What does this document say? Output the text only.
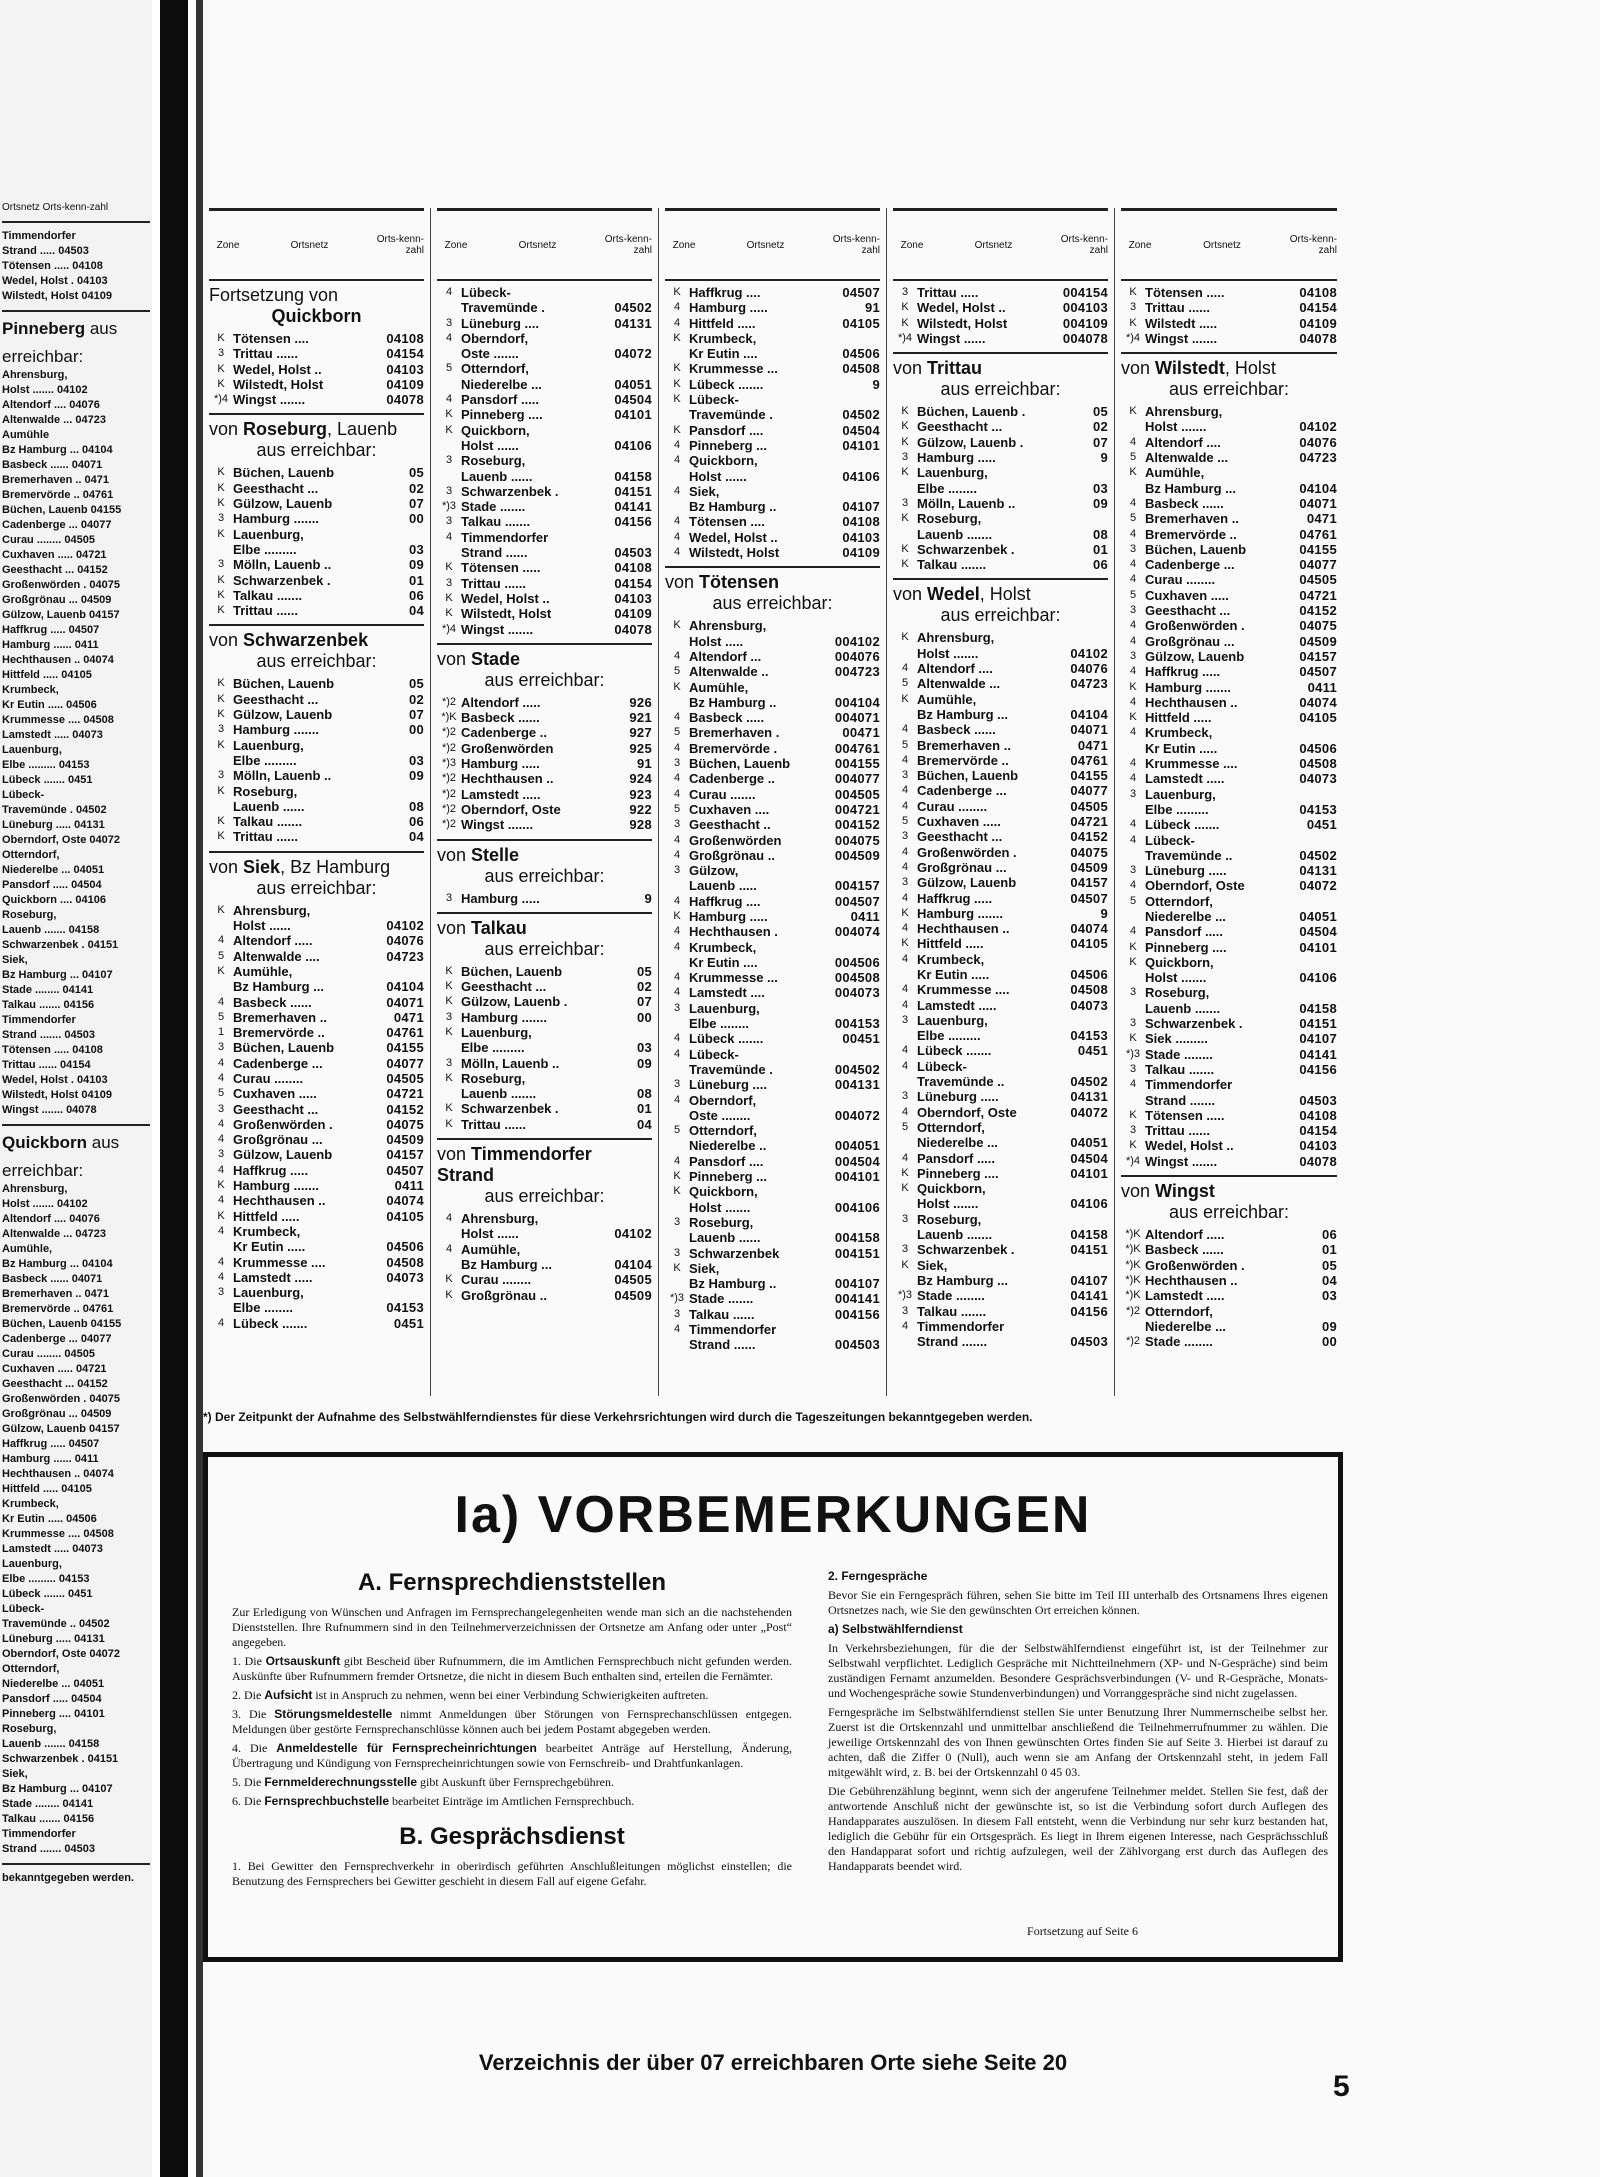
Ortsnetz Orts-kenn-zahl
Timmendorfer
Strand ..... 04503
Tötensen ..... 04108
Wedel, Holst . 04103
Wilstedt, Holst 04109
Pinneberg aus
erreichbar:
Ahrensburg,
Holst ....... 04102
Altendorf .... 04076
Altenwalde ... 04723
Aumühle
Bz Hamburg ... 04104
Basbeck ...... 04071
Bremerhaven .. 0471
Bremervörde .. 04761
Büchen, Lauenb 04155
Cadenberge ... 04077
Curau ........ 04505
Cuxhaven ..... 04721
Geesthacht ... 04152
Großenwörden . 04075
Großgrönau ... 04509
Gülzow, Lauenb 04157
Haffkrug ..... 04507
Hamburg ...... 0411
Hechthausen .. 04074
Hittfeld ..... 04105
Krumbeck,
Kr Eutin ..... 04506
Krummesse .... 04508
Lamstedt ..... 04073
Lauenburg,
Elbe ......... 04153
Lübeck ....... 0451
Lübeck-
Travemünde . 04502
Lüneburg ..... 04131
Oberndorf, Oste 04072
Otterndorf,
Niederelbe ... 04051
Pansdorf ..... 04504
Quickborn .... 04106
Roseburg,
Lauenb ....... 04158
Schwarzenbek . 04151
Siek,
Bz Hamburg ... 04107
Stade ........ 04141
Talkau ....... 04156
Timmendorfer
Strand ....... 04503
Tötensen ..... 04108
Trittau ...... 04154
Wedel, Holst . 04103
Wilstedt, Holst 04109
Wingst ....... 04078
Quickborn aus
erreichbar:
Ahrensburg,
Holst ....... 04102
Altendorf .... 04076
Altenwalde ... 04723
Aumühle,
Bz Hamburg ... 04104
Basbeck ...... 04071
Bremerhaven .. 0471
Bremervörde .. 04761
Büchen, Lauenb 04155
Cadenberge ... 04077
Curau ........ 04505
Cuxhaven ..... 04721
Geesthacht ... 04152
Großenwörden . 04075
Großgrönau ... 04509
Gülzow, Lauenb 04157
Haffkrug ..... 04507
Hamburg ...... 0411
Hechthausen .. 04074
Hittfeld ..... 04105
Krumbeck,
Kr Eutin ..... 04506
Krummesse .... 04508
Lamstedt ..... 04073
Lauenburg,
Elbe ......... 04153
Lübeck ....... 0451
Lübeck-
Travemünde .. 04502
Lüneburg ..... 04131
Oberndorf, Oste 04072
Otterndorf,
Niederelbe ... 04051
Pansdorf ..... 04504
Pinneberg .... 04101
Roseburg,
Lauenb ....... 04158
Schwarzenbek . 04151
Siek,
Bz Hamburg ... 04107
Stade ........ 04141
Talkau ....... 04156
Timmendorfer
Strand ....... 04503
bekanntgegeben werden.
Zone	Ortsnetz	Orts-kenn-zahl
Fortsetzung von
Quickborn
K Tötensen ....	04108
3 Trittau ......	04154
K Wedel, Holst ..	04103
K Wilstedt, Holst	04109
*)4 Wingst .......	04078
von Roseburg, Lauenb
aus erreichbar:
K Büchen, Lauenb	05
K Geesthacht ...	02
K Gülzow, Lauenb	07
3 Hamburg .......	00
K Lauenburg,
Elbe .........	03
3 Mölln, Lauenb ..	09
K Schwarzenbek .	01
K Talkau .......	06
K Trittau ......	04
von Schwarzenbek
aus erreichbar:
K Büchen, Lauenb	05
K Geesthacht ...	02
K Gülzow, Lauenb	07
3 Hamburg .......	00
K Lauenburg,
Elbe .........	03
3 Mölln, Lauenb ..	09
K Roseburg,
Lauenb ......	08
K Talkau .......	06
K Trittau ......	04
von Siek, Bz Hamburg
aus erreichbar:
K Ahrensburg,
Holst ......	04102
4 Altendorf .....	04076
5 Altenwalde ....	04723
K Aumühle,
Bz Hamburg ...	04104
4 Basbeck ......	04071
5 Bremerhaven ..	0471
1 Bremervörde ..	04761
3 Büchen, Lauenb	04155
4 Cadenberge ...	04077
4 Curau ........	04505
5 Cuxhaven .....	04721
3 Geesthacht ...	04152
4 Großenwörden .	04075
4 Großgrönau ...	04509
3 Gülzow, Lauenb	04157
4 Haffkrug .....	04507
K Hamburg .......	0411
4 Hechthausen ..	04074
K Hittfeld .....	04105
4 Krumbeck,
Kr Eutin .....	04506
4 Krummesse ....	04508
4 Lamstedt .....	04073
3 Lauenburg,
Elbe ........	04153
4 Lübeck .......	0451
Zone	Ortsnetz	Orts-kenn-zahl
4 Lübeck-
Travemünde .	04502
3 Lüneburg ....	04131
4 Oberndorf,
Oste .......	04072
5 Otterndorf,
Niederelbe ...	04051
4 Pansdorf .....	04504
K Pinneberg ....	04101
K Quickborn,
Holst ......	04106
3 Roseburg,
Lauenb ......	04158
3 Schwarzenbek .	04151
*)3 Stade .......	04141
3 Talkau .......	04156
4 Timmendorfer
Strand ......	04503
K Tötensen .....	04108
3 Trittau ......	04154
K Wedel, Holst ..	04103
K Wilstedt, Holst	04109
*)4 Wingst .......	04078
von Stade
aus erreichbar:
*)2 Altendorf .....	926
*)K Basbeck ......	921
*)2 Cadenberge ..	927
*)2 Großenwörden	925
*)3 Hamburg .....	91
*)2 Hechthausen ..	924
*)2 Lamstedt .....	923
*)2 Oberndorf, Oste	922
*)2 Wingst .......	928
von Stelle
aus erreichbar:
3 Hamburg .....	9
von Talkau
aus erreichbar:
K Büchen, Lauenb	05
K Geesthacht ...	02
K Gülzow, Lauenb .	07
3 Hamburg .......	00
K Lauenburg,
Elbe .........	03
3 Mölln, Lauenb ..	09
K Roseburg,
Lauenb .......	08
K Schwarzenbek .	01
K Trittau ......	04
von Timmendorfer Strand
aus erreichbar:
4 Ahrensburg,
Holst ......	04102
4 Aumühle,
Bz Hamburg ...	04104
K Curau ........	04505
K Großgrönau ..	04509
Zone	Ortsnetz	Orts-kenn-zahl
K Haffkrug ....	04507
4 Hamburg .....	91
4 Hittfeld .....	04105
K Krumbeck,
Kr Eutin ....	04506
K Krummesse ...	04508
K Lübeck .......	9
K Lübeck-
Travemünde .	04502
K Pansdorf ....	04504
4 Pinneberg ...	04101
4 Quickborn,
Holst ......	04106
4 Siek,
Bz Hamburg ..	04107
4 Tötensen ....	04108
4 Wedel, Holst ..	04103
4 Wilstedt, Holst	04109
von Tötensen
aus erreichbar:
K Ahrensburg,
Holst .....	004102
4 Altendorf ...	004076
5 Altenwalde ..	004723
K Aumühle,
Bz Hamburg ..	004104
4 Basbeck .....	004071
5 Bremerhaven .	00471
4 Bremervörde .	004761
3 Büchen, Lauenb	004155
4 Cadenberge ..	004077
4 Curau .......	004505
5 Cuxhaven ....	004721
3 Geesthacht ..	004152
4 Großenwörden	004075
4 Großgrönau ..	004509
3 Gülzow,
Lauenb .....	004157
4 Haffkrug ....	004507
K Hamburg .....	0411
4 Hechthausen .	004074
4 Krumbeck,
Kr Eutin ....	004506
4 Krummesse ...	004508
4 Lamstedt ....	004073
3 Lauenburg,
Elbe ........	004153
4 Lübeck .......	00451
4 Lübeck-
Travemünde .	004502
3 Lüneburg ....	004131
4 Oberndorf,
Oste ........	004072
5 Otterndorf,
Niederelbe ..	004051
4 Pansdorf ....	004504
K Pinneberg ...	004101
K Quickborn,
Holst .......	004106
3 Roseburg,
Lauenb ......	004158
3 Schwarzenbek	004151
K Siek,
Bz Hamburg ..	004107
*)3 Stade .......	004141
3 Talkau ......	004156
4 Timmendorfer
Strand ......	004503
Zone	Ortsnetz	Orts-kenn-zahl
3 Trittau .....	004154
K Wedel, Holst ..	004103
K Wilstedt, Holst	004109
*)4 Wingst ......	004078
von Trittau
aus erreichbar:
K Büchen, Lauenb .	05
K Geesthacht ...	02
K Gülzow, Lauenb .	07
3 Hamburg .....	9
K Lauenburg,
Elbe ........	03
3 Mölln, Lauenb ..	09
K Roseburg,
Lauenb .......	08
K Schwarzenbek .	01
K Talkau .......	06
von Wedel, Holst
aus erreichbar:
K Ahrensburg,
Holst .......	04102
4 Altendorf ....	04076
5 Altenwalde ...	04723
K Aumühle,
Bz Hamburg ...	04104
4 Basbeck ......	04071
5 Bremerhaven ..	0471
4 Bremervörde ..	04761
3 Büchen, Lauenb	04155
4 Cadenberge ...	04077
4 Curau ........	04505
5 Cuxhaven .....	04721
3 Geesthacht ...	04152
4 Großenwörden .	04075
4 Großgrönau ...	04509
3 Gülzow, Lauenb	04157
4 Haffkrug .....	04507
K Hamburg .......	9
4 Hechthausen ..	04074
K Hittfeld .....	04105
4 Krumbeck,
Kr Eutin .....	04506
4 Krummesse ....	04508
4 Lamstedt .....	04073
3 Lauenburg,
Elbe .........	04153
4 Lübeck .......	0451
4 Lübeck-
Travemünde ..	04502
3 Lüneburg .....	04131
4 Oberndorf, Oste	04072
5 Otterndorf,
Niederelbe ...	04051
4 Pansdorf .....	04504
K Pinneberg ....	04101
K Quickborn,
Holst .......	04106
3 Roseburg,
Lauenb .......	04158
3 Schwarzenbek .	04151
K Siek,
Bz Hamburg ...	04107
*)3 Stade ........	04141
3 Talkau .......	04156
4 Timmendorfer
Strand .......	04503
Zone	Ortsnetz	Orts-kenn-zahl
K Tötensen .....	04108
3 Trittau ......	04154
K Wilstedt .....	04109
*)4 Wingst .......	04078
von Wilstedt, Holst
aus erreichbar:
K Ahrensburg,
Holst .......	04102
4 Altendorf ....	04076
5 Altenwalde ...	04723
K Aumühle,
Bz Hamburg ...	04104
4 Basbeck ......	04071
5 Bremerhaven ..	0471
4 Bremervörde ..	04761
3 Büchen, Lauenb	04155
4 Cadenberge ...	04077
4 Curau ........	04505
5 Cuxhaven .....	04721
3 Geesthacht ...	04152
4 Großenwörden .	04075
4 Großgrönau ...	04509
3 Gülzow, Lauenb	04157
4 Haffkrug .....	04507
K Hamburg .......	0411
4 Hechthausen ..	04074
K Hittfeld .....	04105
4 Krumbeck,
Kr Eutin .....	04506
4 Krummesse ....	04508
4 Lamstedt .....	04073
3 Lauenburg,
Elbe .........	04153
4 Lübeck .......	0451
4 Lübeck-
Travemünde ..	04502
3 Lüneburg .....	04131
4 Oberndorf, Oste	04072
5 Otterndorf,
Niederelbe ...	04051
4 Pansdorf .....	04504
K Pinneberg ....	04101
K Quickborn,
Holst .......	04106
3 Roseburg,
Lauenb .......	04158
3 Schwarzenbek .	04151
K Siek .........	04107
*)3 Stade ........	04141
3 Talkau .......	04156
4 Timmendorfer
Strand .......	04503
K Tötensen .....	04108
3 Trittau ......	04154
K Wedel, Holst ..	04103
*)4 Wingst .......	04078
von Wingst
aus erreichbar:
*)K Altendorf .....	06
*)K Basbeck ......	01
*)K Großenwörden .	05
*)K Hechthausen ..	04
*)K Lamstedt .....	03
*)2 Otterndorf,
Niederelbe ...	09
*)2 Stade ........	00
*) Der Zeitpunkt der Aufnahme des Selbstwählferndienstes für diese Verkehrsrichtungen wird durch die Tageszeitungen bekanntgegeben werden.
Ia) VORBEMERKUNGEN
A. Fernsprechdienststellen
Zur Erledigung von Wünschen und Anfragen im Fernsprechangelegenheiten wende man sich an die nachstehenden Dienststellen. Ihre Rufnummern sind in den Teilnehmerverzeichnissen der Ortsnetze am Anfang oder unter „Post“ angegeben.
1. Die Ortsauskunft gibt Bescheid über Rufnummern, die im Amtlichen Fernsprechbuch nicht gefunden werden. Auskünfte über Rufnummern fremder Ortsnetze, die nicht in diesem Buch enthalten sind, erteilen die Fernämter.
2. Die Aufsicht ist in Anspruch zu nehmen, wenn bei einer Verbindung Schwierigkeiten auftreten.
3. Die Störungsmeldestelle nimmt Anmeldungen über Störungen von Fernsprechanschlüssen entgegen. Meldungen über gestörte Fernsprechanschlüsse können auch bei jedem Postamt abgegeben werden.
4. Die Anmeldestelle für Fernsprecheinrichtungen bearbeitet Anträge auf Herstellung, Änderung, Übertragung und Kündigung von Fernsprecheinrichtungen sowie von Fernschreib- und Drahtfunkanlagen.
5. Die Fernmelderechnungsstelle gibt Auskunft über Fernsprechgebühren.
6. Die Fernsprechbuchstelle bearbeitet Einträge im Amtlichen Fernsprechbuch.
B. Gesprächsdienst
1. Bei Gewitter den Fernsprechverkehr in oberirdisch geführten Anschlußleitungen möglichst einstellen; die Benutzung des Fernsprechers bei Gewitter geschieht in diesem Fall auf eigene Gefahr.
2. Ferngespräche
Bevor Sie ein Ferngespräch führen, sehen Sie bitte im Teil III unterhalb des Ortsnamens Ihres eigenen Ortsnetzes nach, wie Sie den gewünschten Ort erreichen können.
a) Selbstwählferndienst
In Verkehrsbeziehungen, für die der Selbstwählferndienst eingeführt ist, ist der Teilnehmer zur Selbstwahl verpflichtet. Lediglich Gespräche mit Nichtteilnehmern (XP- und N-Gespräche) sind beim zuständigen Fernamt anzumelden. Besondere Gesprächsverbindungen (V- und R-Gespräche, Monats- und Wochengespräche sowie Stundenverbindungen) und Vorranggespräche sind nicht zugelassen.
Ferngespräche im Selbstwählferndienst stellen Sie unter Benutzung Ihrer Nummernscheibe selbst her. Zuerst ist die Ortskennzahl und unmittelbar anschließend die Teilnehmerrufnummer zu wählen. Die jeweilige Ortskennzahl des von Ihnen gewünschten Ortes finden Sie auf Seite 3. Hierbei ist darauf zu achten, daß die Ziffer 0 (Null), auch wenn sie am Anfang der Ortskennzahl steht, in jedem Fall mitgewählt wird, z. B. bei der Ortskennzahl 0 45 03.
Die Gebührenzählung beginnt, wenn sich der angerufene Teilnehmer meldet. Stellen Sie fest, daß der antwortende Anschluß nicht der gewünschte ist, so ist die Verbindung sofort durch Auflegen des Handapparates auszulösen. In diesem Fall entsteht, wenn die Verbindung nur sehr kurz bestanden hat, lediglich die Gebühr für ein Ortsgespräch. Es liegt in Ihrem eigenen Interesse, nach Gesprächsschluß den Handapparat sofort und richtig aufzulegen, weil der Zählvorgang erst durch das Auflegen des Handapparats beendet wird.
Fortsetzung auf Seite 6
Verzeichnis der über 07 erreichbaren Orte siehe Seite 20
5
